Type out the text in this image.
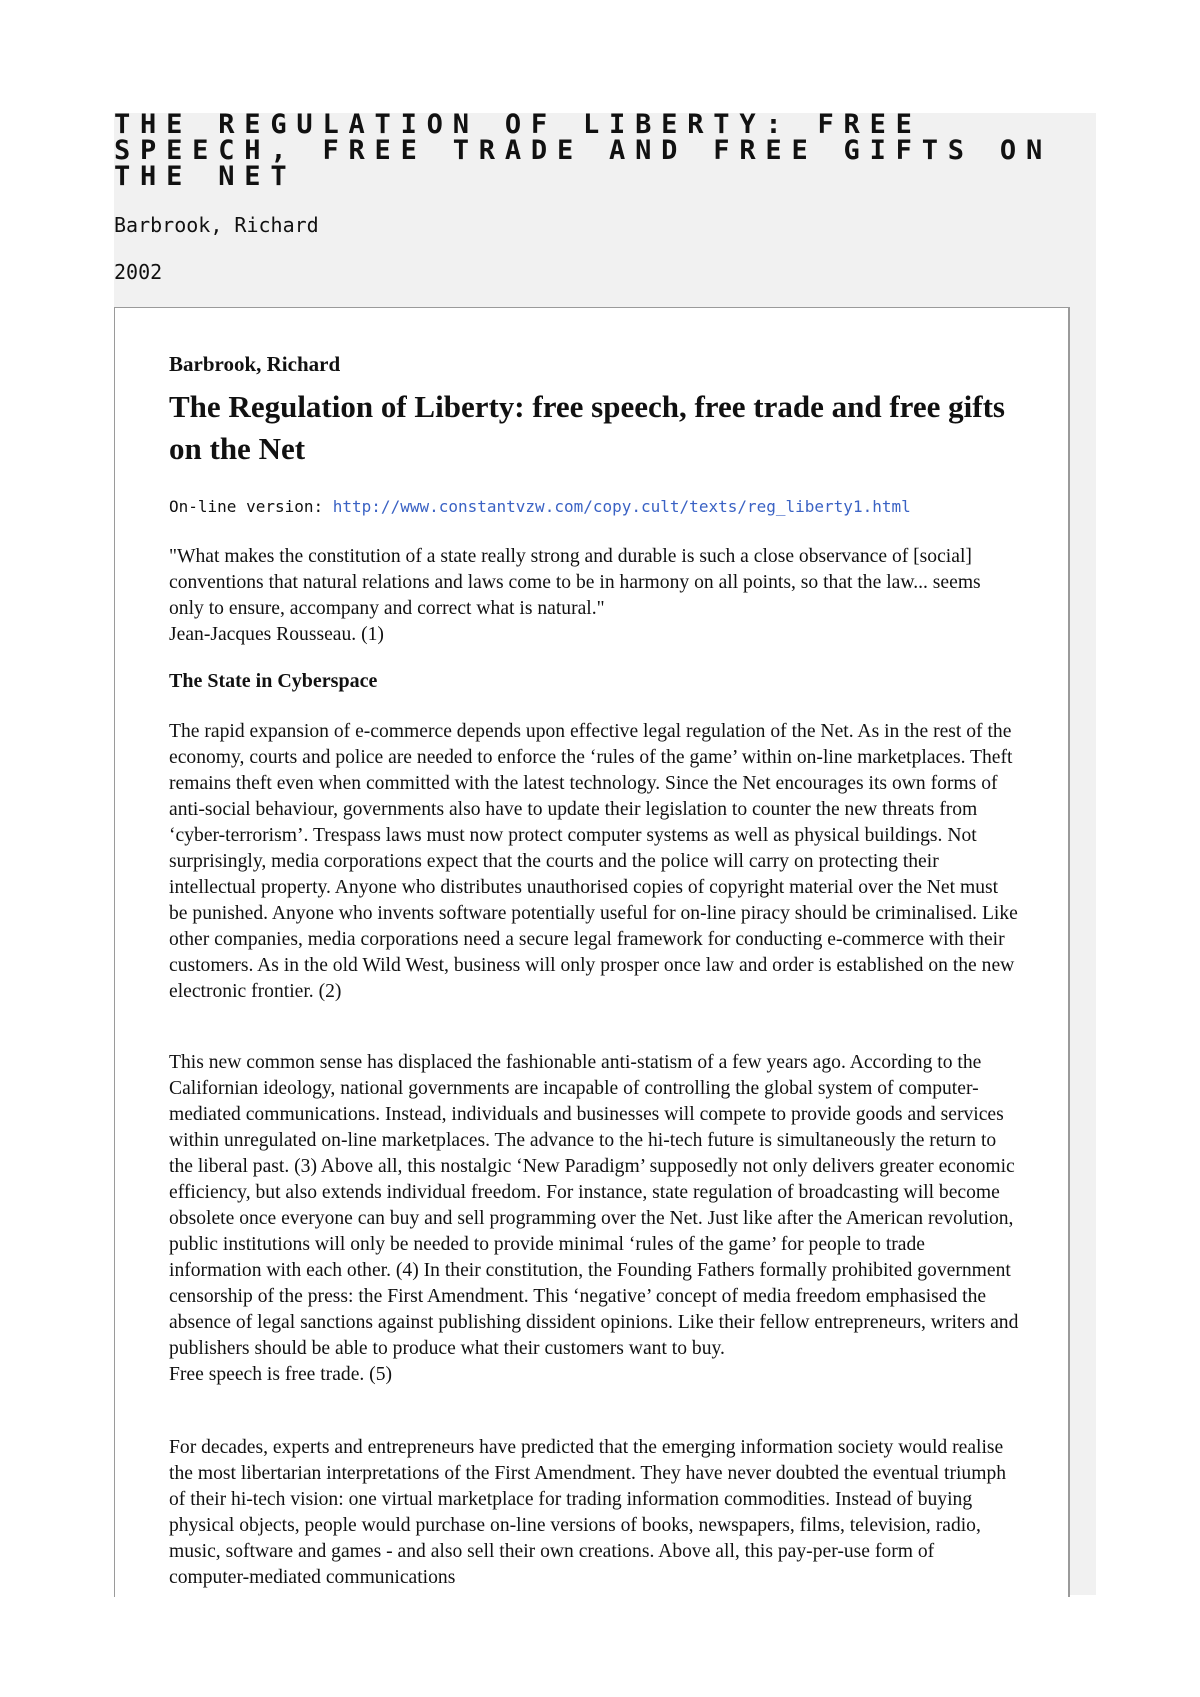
THE REGULATION OF LIBERTY: FREE SPEECH, FREE TRADE AND FREE GIFTS ON THE NET
Barbrook, Richard
2002
Barbrook, Richard
The Regulation of Liberty: free speech, free trade and free gifts on the Net
On-line version: http://www.constantvzw.com/copy.cult/texts/reg_liberty1.html

"What makes the constitution of a state really strong and durable is such a close observance of [social] conventions that natural relations and laws come to be in harmony on all points, so that the law... seems only to ensure, accompany and correct what is natural."
Jean-Jacques Rousseau. (1)

The State in Cyberspace

The rapid expansion of e-commerce depends upon effective legal regulation of the Net. As in the rest of the economy, courts and police are needed to enforce the ‘rules of the game’ within on-line marketplaces. Theft remains theft even when committed with the latest technology. Since the Net encourages its own forms of anti-social behaviour, governments also have to update their legislation to counter the new threats from ‘cyber-terrorism’. Trespass laws must now protect computer systems as well as physical buildings. Not surprisingly, media corporations expect that the courts and the police will carry on protecting their intellectual property. Anyone who distributes unauthorised copies of copyright material over the Net must be punished. Anyone who invents software potentially useful for on-line piracy should be criminalised. Like other companies, media corporations need a secure legal framework for conducting e-commerce with their customers. As in the old Wild West, business will only prosper once law and order is established on the new electronic frontier. (2)

This new common sense has displaced the fashionable anti-statism of a few years ago. According to the Californian ideology, national governments are incapable of controlling the global system of computer-mediated communications. Instead, individuals and businesses will compete to provide goods and services within unregulated on-line marketplaces. The advance to the hi-tech future is simultaneously the return to the liberal past. (3) Above all, this nostalgic ‘New Paradigm’ supposedly not only delivers greater economic efficiency, but also extends individual freedom. For instance, state regulation of broadcasting will become obsolete once everyone can buy and sell programming over the Net. Just like after the American revolution, public institutions will only be needed to provide minimal ‘rules of the game’ for people to trade information with each other. (4) In their constitution, the Founding Fathers formally prohibited government censorship of the press: the First Amendment. This ‘negative’ concept of media freedom emphasised the absence of legal sanctions against publishing dissident opinions. Like their fellow entrepreneurs, writers and publishers should be able to produce what their customers want to buy.
Free speech is free trade. (5)

For decades, experts and entrepreneurs have predicted that the emerging information society would realise the most libertarian interpretations of the First Amendment. They have never doubted the eventual triumph of their hi-tech vision: one virtual marketplace for trading information commodities. Instead of buying physical objects, people would purchase on-line versions of books, newspapers, films, television, radio, music, software and games - and also sell their own creations. Above all, this pay-per-use form of computer-mediated communications
